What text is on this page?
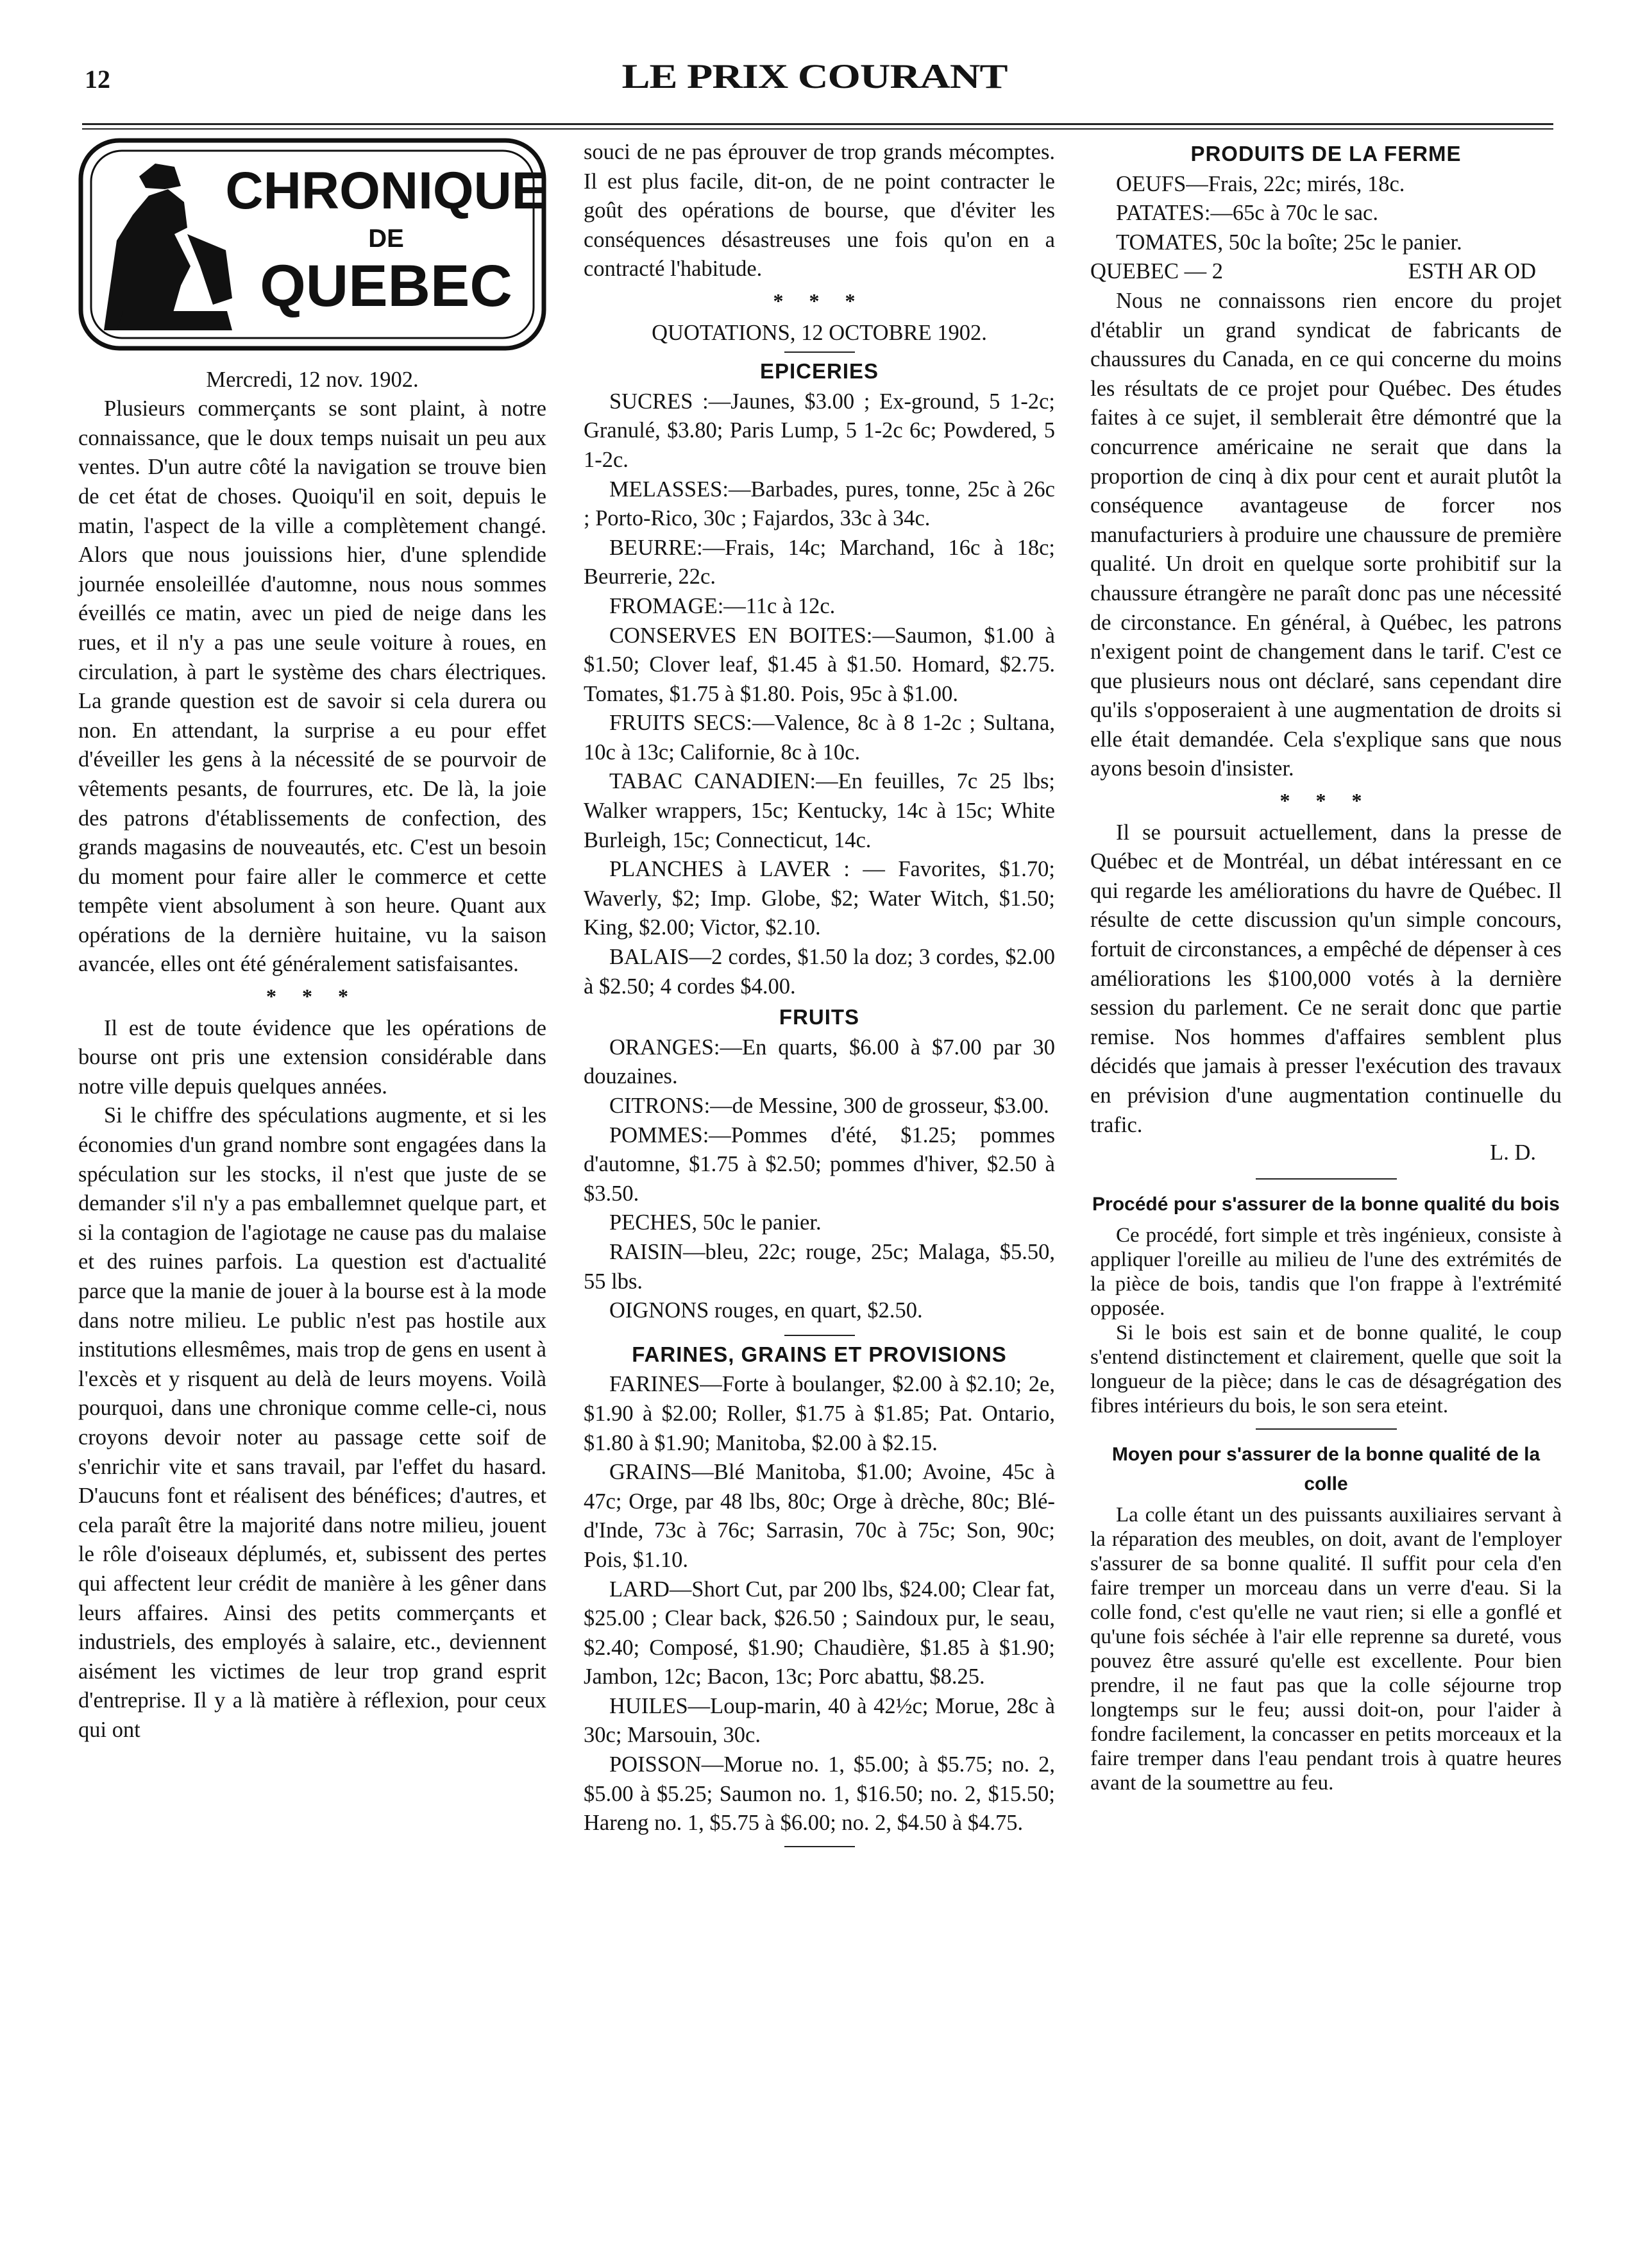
12	LE PRIX COURANT
CHRONIQUE
DE
QUEBEC

Mercredi, 12 nov. 1902.

Plusieurs commerçants se sont plaint, à notre connaissance, que le doux temps nuisait un peu aux ventes. D'un autre côté la navigation se trouve bien de cet état de choses. Quoiqu'il en soit, depuis le matin, l'aspect de la ville a complètement changé. Alors que nous jouissions hier, d'une splendide journée ensoleillée d'automne, nous nous sommes éveillés ce matin, avec un pied de neige dans les rues, et il n'y a pas une seule voiture à roues, en circulation, à part le système des chars électriques. La grande question est de savoir si cela durera ou non. En attendant, la surprise a eu pour effet d'éveiller les gens à la nécessité de se pourvoir de vêtements pesants, de fourrures, etc. De là, la joie des patrons d'établissements de confection, des grands magasins de nouveautés, etc. C'est un besoin du moment pour faire aller le commerce et cette tempête vient absolument à son heure. Quant aux opérations de la dernière huitaine, vu la saison avancée, elles ont été généralement satisfaisantes.

* * *

Il est de toute évidence que les opérations de bourse ont pris une extension considérable dans notre ville depuis quelques années.

Si le chiffre des spéculations augmente, et si les économies d'un grand nombre sont engagées dans la spéculation sur les stocks, il n'est que juste de se demander s'il n'y a pas emballemnet quelque part, et si la contagion de l'agiotage ne cause pas du malaise et des ruines parfois. La question est d'actualité parce que la manie de jouer à la bourse est à la mode dans notre milieu. Le public n'est pas hostile aux institutions ellesmêmes, mais trop de gens en usent à l'excès et y risquent au delà de leurs moyens. Voilà pourquoi, dans une chronique comme celle-ci, nous croyons devoir noter au passage cette soif de s'enrichir vite et sans travail, par l'effet du hasard. D'aucuns font et réalisent des bénéfices; d'autres, et cela paraît être la majorité dans notre milieu, jouent le rôle d'oiseaux déplumés, et, subissent des pertes qui affectent leur crédit de manière à les gêner dans leurs affaires. Ainsi des petits commerçants et industriels, des employés à salaire, etc., deviennent aisément les victimes de leur trop grand esprit d'entreprise. Il y a là matière à réflexion, pour ceux qui ont

souci de ne pas éprouver de trop grands mécomptes. Il est plus facile, dit-on, de ne point contracter le goût des opérations de bourse, que d'éviter les conséquences désastreuses une fois qu'on en a contracté l'habitude.

* * *

QUOTATIONS, 12 OCTOBRE 1902.

EPICERIES

SUCRES :—Jaunes, $3.00 ; Ex-ground, 5 1-2c; Granulé, $3.80; Paris Lump, 5 1-2c 6c; Powdered, 5 1-2c.

MELASSES:—Barbades, pures, tonne, 25c à 26c ; Porto-Rico, 30c ; Fajardos, 33c à 34c.

BEURRE:—Frais, 14c; Marchand, 16c à 18c; Beurrerie, 22c.

FROMAGE:—11c à 12c.

CONSERVES EN BOITES:—Saumon, $1.00 à $1.50; Clover leaf, $1.45 à $1.50. Homard, $2.75. Tomates, $1.75 à $1.80. Pois, 95c à $1.00.

FRUITS SECS:—Valence, 8c à 8 1-2c ; Sultana, 10c à 13c; Californie, 8c à 10c.

TABAC CANADIEN:—En feuilles, 7c 25 lbs; Walker wrappers, 15c; Kentucky, 14c à 15c; White Burleigh, 15c; Connecticut, 14c.

PLANCHES à LAVER : — Favorites, $1.70; Waverly, $2; Imp. Globe, $2; Water Witch, $1.50; King, $2.00; Victor, $2.10.

BALAIS—2 cordes, $1.50 la doz; 3 cordes, $2.00 à $2.50; 4 cordes $4.00.

FRUITS

ORANGES:—En quarts, $6.00 à $7.00 par 30 douzaines.

CITRONS:—de Messine, 300 de grosseur, $3.00.

POMMES:—Pommes d'été, $1.25; pommes d'automne, $1.75 à $2.50; pommes d'hiver, $2.50 à $3.50.

PECHES, 50c le panier.

RAISIN—bleu, 22c; rouge, 25c; Malaga, $5.50, 55 lbs.

OIGNONS rouges, en quart, $2.50.

FARINES, GRAINS ET PROVISIONS

FARINES—Forte à boulanger, $2.00 à $2.10; 2e, $1.90 à $2.00; Roller, $1.75 à $1.85; Pat. Ontario, $1.80 à $1.90; Manitoba, $2.00 à $2.15.

GRAINS—Blé Manitoba, $1.00; Avoine, 45c à 47c; Orge, par 48 lbs, 80c; Orge à drèche, 80c; Blé-d'Inde, 73c à 76c; Sarrasin, 70c à 75c; Son, 90c; Pois, $1.10.

LARD—Short Cut, par 200 lbs, $24.00; Clear fat, $25.00 ; Clear back, $26.50 ; Saindoux pur, le seau, $2.40; Composé, $1.90; Chaudière, $1.85 à $1.90; Jambon, 12c; Bacon, 13c; Porc abattu, $8.25.

HUILES—Loup-marin, 40 à 42½c; Morue, 28c à 30c; Marsouin, 30c.

POISSON—Morue no. 1, $5.00; à $5.75; no. 2, $5.00 à $5.25; Saumon no. 1, $16.50; no. 2, $15.50; Hareng no. 1, $5.75 à $6.00; no. 2, $4.50 à $4.75.

PRODUITS DE LA FERME

OEUFS—Frais, 22c; mirés, 18c.

PATATES:—65c à 70c le sac.

TOMATES, 50c la boîte; 25c le panier.

QUEBEC — 2	ESTH AR OD

Nous ne connaissons rien encore du projet d'établir un grand syndicat de fabricants de chaussures du Canada, en ce qui concerne du moins les résultats de ce projet pour Québec. Des études faites à ce sujet, il semblerait être démontré que la concurrence américaine ne serait que dans la proportion de cinq à dix pour cent et aurait plutôt la conséquence avantageuse de forcer nos manufacturiers à produire une chaussure de première qualité. Un droit en quelque sorte prohibitif sur la chaussure étrangère ne paraît donc pas une nécessité de circonstance. En général, à Québec, les patrons n'exigent point de changement dans le tarif. C'est ce que plusieurs nous ont déclaré, sans cependant dire qu'ils s'opposeraient à une augmentation de droits si elle était demandée. Cela s'explique sans que nous ayons besoin d'insister.

* * *

Il se poursuit actuellement, dans la presse de Québec et de Montréal, un débat intéressant en ce qui regarde les améliorations du havre de Québec. Il résulte de cette discussion qu'un simple concours, fortuit de circonstances, a empêché de dépenser à ces améliorations les $100,000 votés à la dernière session du parlement. Ce ne serait donc que partie remise. Nos hommes d'affaires semblent plus décidés que jamais à presser l'exécution des travaux en prévision d'une augmentation continuelle du trafic.

L. D.
Procédé pour s'assurer de la bonne qualité du bois

Ce procédé, fort simple et très ingénieux, consiste à appliquer l'oreille au milieu de l'une des extrémités de la pièce de bois, tandis que l'on frappe à l'extrémité opposée.

Si le bois est sain et de bonne qualité, le coup s'entend distinctement et clairement, quelle que soit la longueur de la pièce; dans le cas de désagrégation des fibres intérieurs du bois, le son sera eteint.

Moyen pour s'assurer de la bonne qualité de la colle

La colle étant un des puissants auxiliaires servant à la réparation des meubles, on doit, avant de l'employer s'assurer de sa bonne qualité. Il suffit pour cela d'en faire tremper un morceau dans un verre d'eau. Si la colle fond, c'est qu'elle ne vaut rien; si elle a gonflé et qu'une fois séchée à l'air elle reprenne sa dureté, vous pouvez être assuré qu'elle est excellente. Pour bien prendre, il ne faut pas que la colle séjourne trop longtemps sur le feu; aussi doit-on, pour l'aider à fondre facilement, la concasser en petits morceaux et la faire tremper dans l'eau pendant trois à quatre heures avant de la soumettre au feu.
